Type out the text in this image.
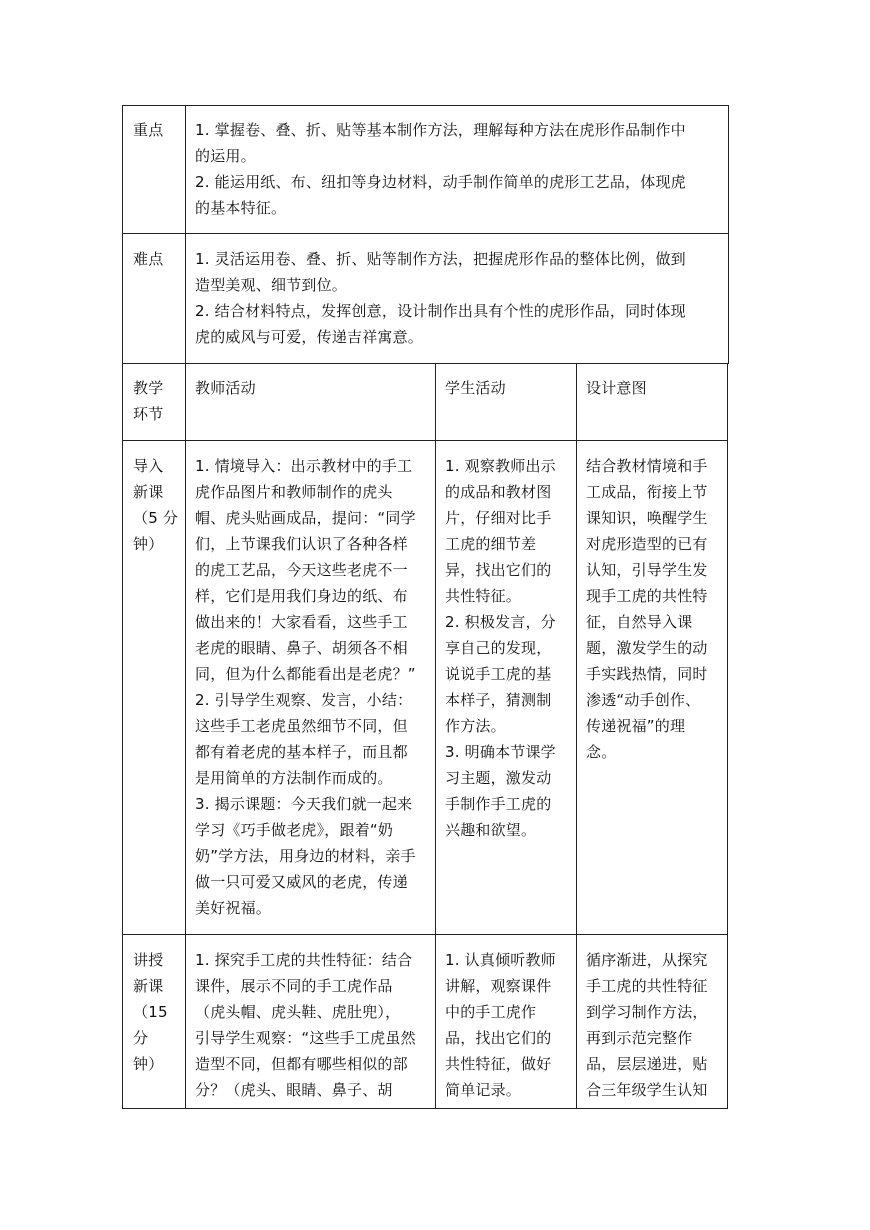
重点 1. 掌握卷、叠、折、贴等基本制作方法，理解每种方法在虎形作品制作中
的运用。
2. 能运用纸、布、纽扣等身边材料，动手制作简单的虎形工艺品，体现虎
的基本特征。
难点 1. 灵活运用卷、叠、折、贴等制作方法，把握虎形作品的整体比例，做到
造型美观、细节到位。
2. 结合材料特点，发挥创意，设计制作出具有个性的虎形作品，同时体现
虎的威风与可爱，传递吉祥寓意。
教学
环节
教师活动	学生活动	设计意图
导入
新课
（5 分
钟）
1. 情境导入：出示教材中的手工
虎作品图片和教师制作的虎头
帽、虎头贴画成品，提问：“同学
们，上节课我们认识了各种各样
的虎工艺品，今天这些老虎不一
样，它们是用我们身边的纸、布
做出来的！大家看看，这些手工
老虎的眼睛、鼻子、胡须各不相
同，但为什么都能看出是老虎？”
2. 引导学生观察、发言，小结：
这些手工老虎虽然细节不同，但
都有着老虎的基本样子，而且都
是用简单的方法制作而成的。
3. 揭示课题：今天我们就一起来
学习《巧手做老虎》，跟着“奶
奶”学方法，用身边的材料，亲手
做一只可爱又威风的老虎，传递
美好祝福。
1. 观察教师出示
的成品和教材图
片，仔细对比手
工虎的细节差
异，找出它们的
共性特征。
2. 积极发言，分
享自己的发现，
说说手工虎的基
本样子，猜测制
作方法。
3. 明确本节课学
习主题，激发动
手制作手工虎的
兴趣和欲望。
结合教材情境和手
工成品，衔接上节
课知识，唤醒学生
对虎形造型的已有
认知，引导学生发
现手工虎的共性特
征，自然导入课
题，激发学生的动
手实践热情，同时
渗透“动手创作、
传递祝福”的理
念。
讲授
新课
（15
分
钟）
1. 探究手工虎的共性特征：结合
课件，展示不同的手工虎作品
（虎头帽、虎头鞋、虎肚兜），
引导学生观察：“这些手工虎虽然
造型不同，但都有哪些相似的部
分？（虎头、眼睛、鼻子、胡
1. 认真倾听教师
讲解，观察课件
中的手工虎作
品，找出它们的
共性特征，做好
简单记录。
循序渐进，从探究
手工虎的共性特征
到学习制作方法，
再到示范完整作
品，层层递进，贴
合三年级学生认知
